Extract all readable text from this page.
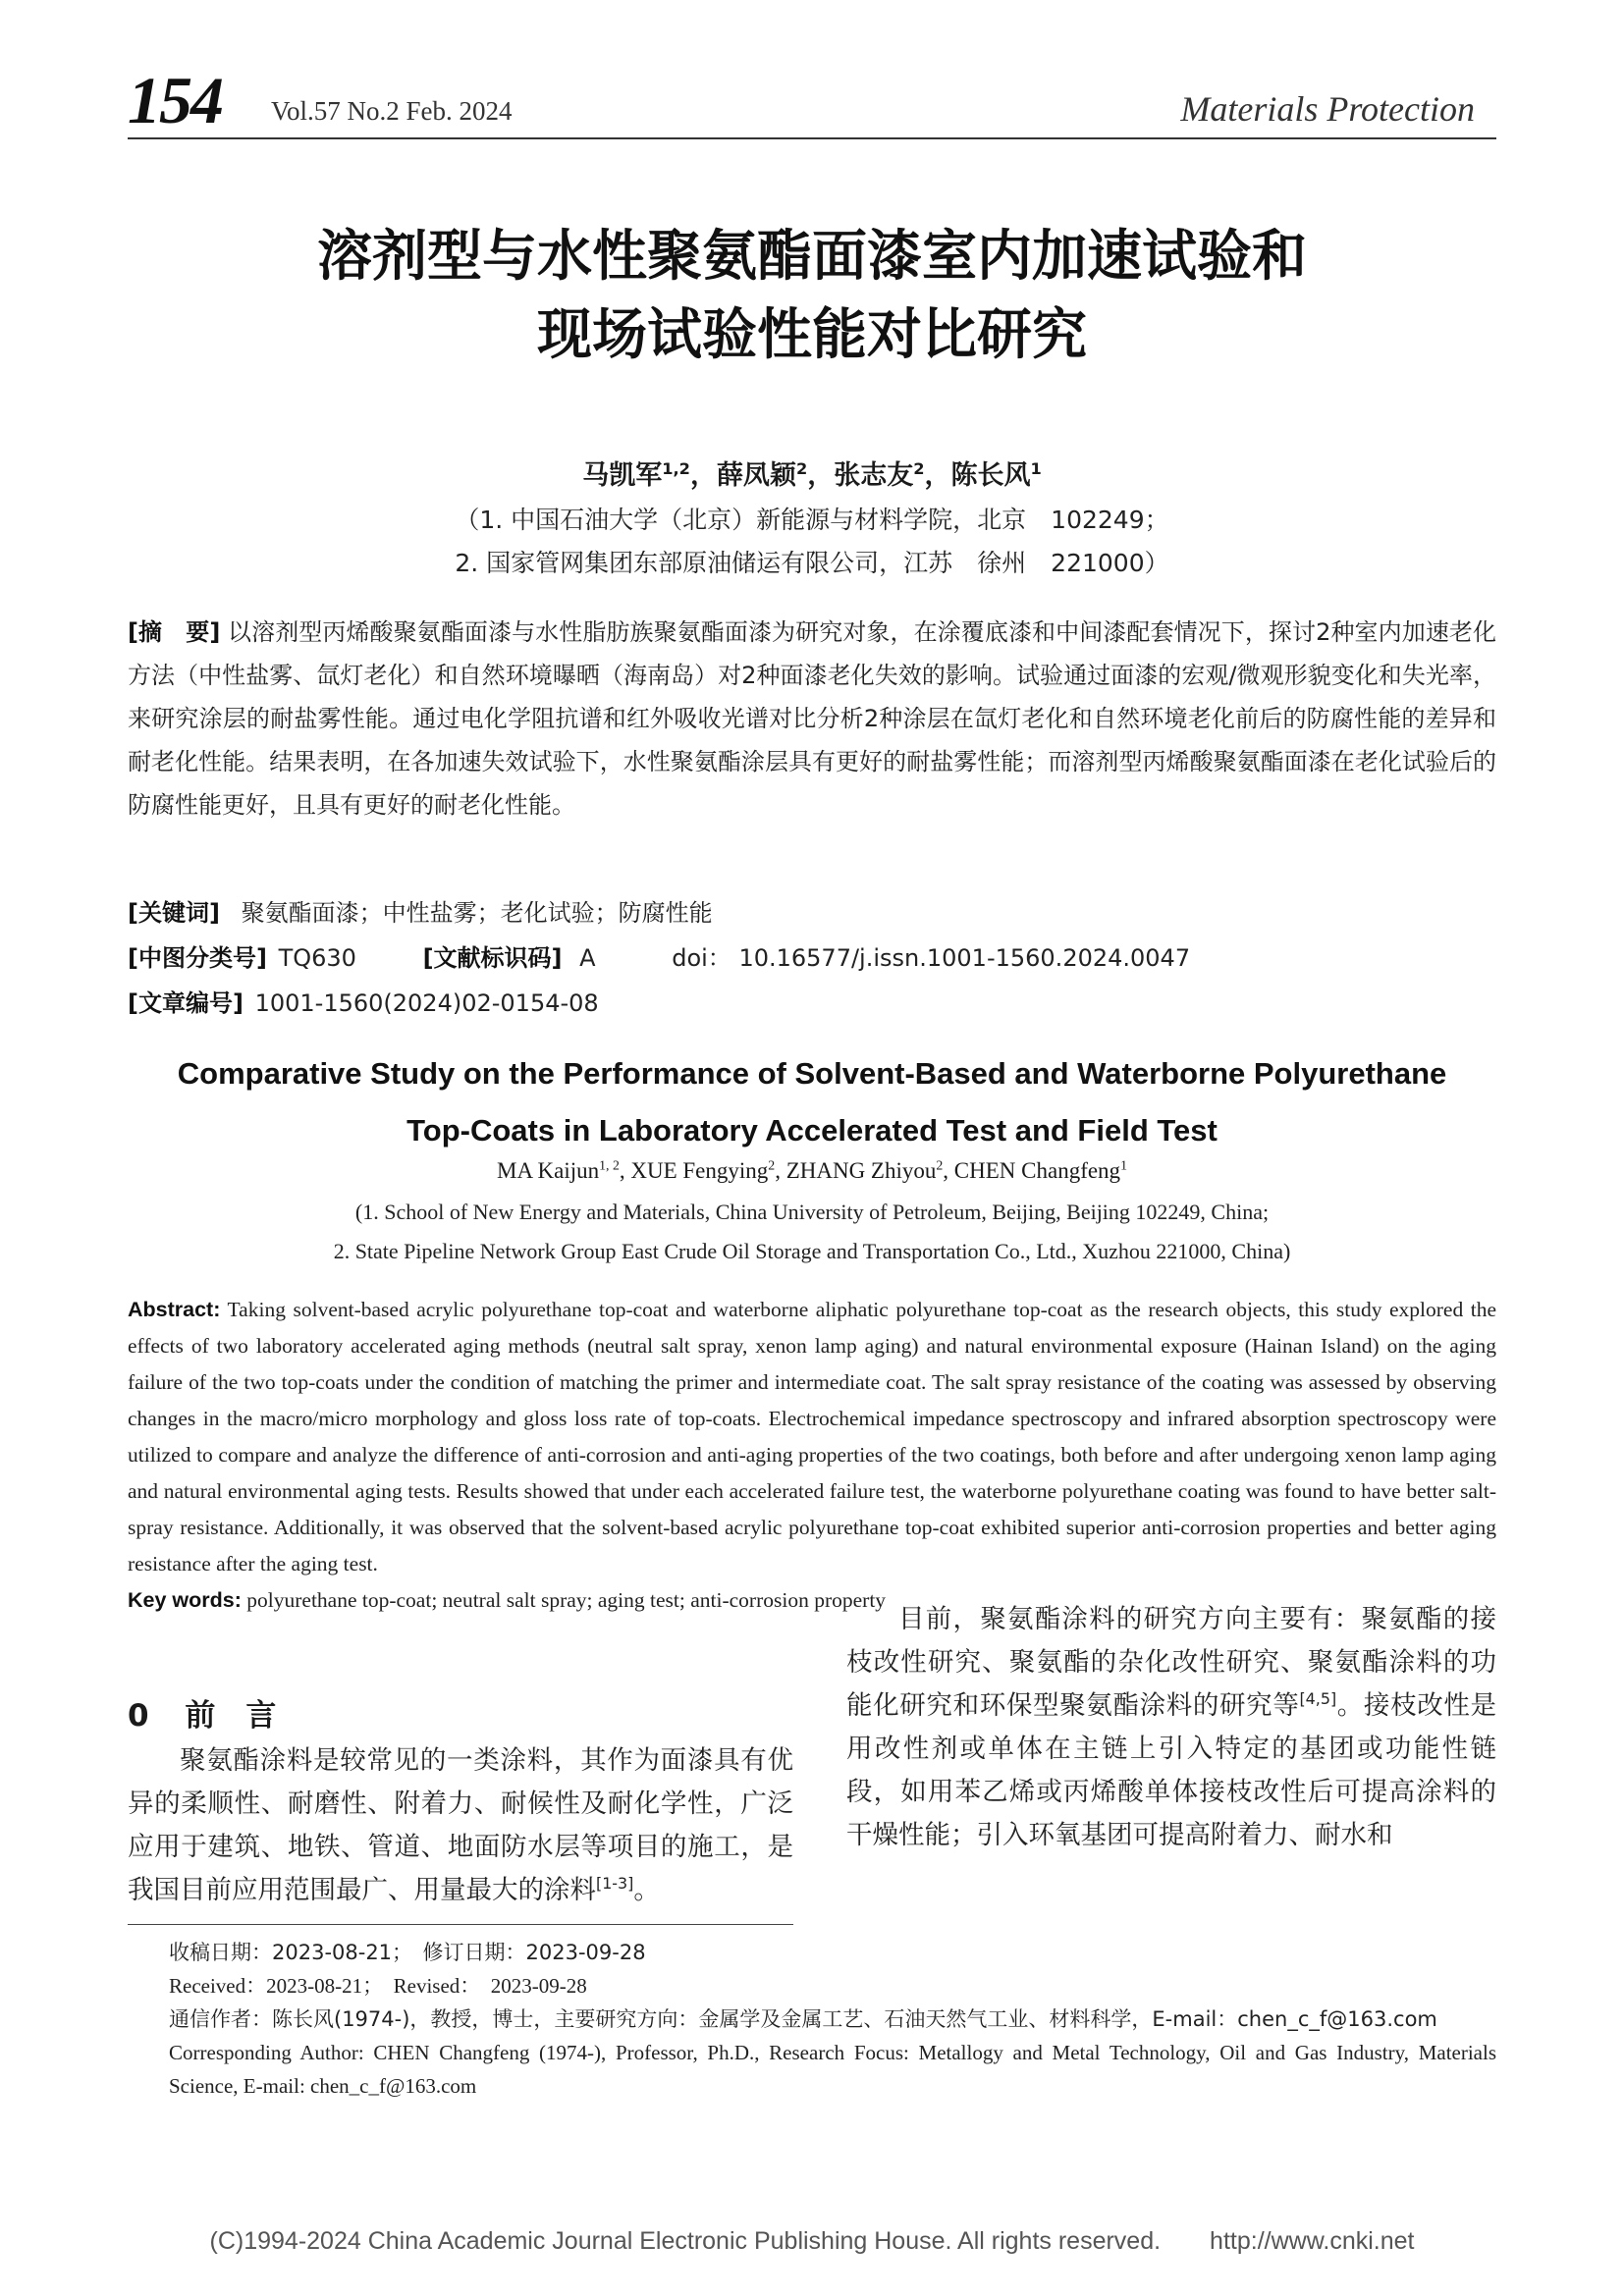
154 Vol.57 No.2 Feb. 2024	Materials Protection
溶剂型与水性聚氨酯面漆室内加速试验和
现场试验性能对比研究
马凯军$^{1,2}$，薛凤颖$^2$，张志友$^2$，陈长风$^1$
（1. 中国石油大学（北京）新能源与材料学院，北京　102249；
2. 国家管网集团东部原油储运有限公司，江苏　徐州　221000）
[摘　要] 以溶剂型丙烯酸聚氨酯面漆与水性脂肪族聚氨酯面漆为研究对象，在涂覆底漆和中间漆配套情况下，探讨2种室内加速老化方法（中性盐雾、氙灯老化）和自然环境曝晒（海南岛）对2种面漆老化失效的影响。试验通过面漆的宏观/微观形貌变化和失光率，来研究涂层的耐盐雾性能。通过电化学阻抗谱和红外吸收光谱对比分析2种涂层在氙灯老化和自然环境老化前后的防腐性能的差异和耐老化性能。结果表明，在各加速失效试验下，水性聚氨酯涂层具有更好的耐盐雾性能；而溶剂型丙烯酸聚氨酯面漆在老化试验后的防腐性能更好，且具有更好的耐老化性能。
[关键词] 聚氨酯面漆；中性盐雾；老化试验；防腐性能
[中图分类号] TQ630	[文献标识码] A	doi： 10.16577/j.issn.1001-1560.2024.0047
[文章编号] 1001-1560(2024)02-0154-08
Comparative Study on the Performance of Solvent-Based and Waterborne Polyurethane
Top-Coats in Laboratory Accelerated Test and Field Test
MA Kaijun$^{1, 2}$, XUE Fengying$^2$, ZHANG Zhiyou$^2$, CHEN Changfeng$^1$
(1. School of New Energy and Materials, China University of Petroleum, Beijing, Beijing 102249, China;
2. State Pipeline Network Group East Crude Oil Storage and Transportation Co., Ltd., Xuzhou 221000, China)
Abstract: Taking solvent-based acrylic polyurethane top-coat and waterborne aliphatic polyurethane top-coat as the research objects, this study explored the effects of two laboratory accelerated aging methods (neutral salt spray, xenon lamp aging) and natural environmental exposure (Hainan Island) on the aging failure of the two top-coats under the condition of matching the primer and intermediate coat. The salt spray resistance of the coating was assessed by observing changes in the macro/micro morphology and gloss loss rate of top-coats. Electrochemical impedance spectroscopy and infrared absorption spectroscopy were utilized to compare and analyze the difference of anti-corrosion and anti-aging properties of the two coatings, both before and after undergoing xenon lamp aging and natural environmental aging tests. Results showed that under each accelerated failure test, the waterborne polyurethane coating was found to have better salt-spray resistance. Additionally, it was observed that the solvent-based acrylic polyurethane top-coat exhibited superior anti-corrosion properties and better aging resistance after the aging test.
Key words: polyurethane top-coat; neutral salt spray; aging test; anti-corrosion property
0 前　言
聚氨酯涂料是较常见的一类涂料，其作为面漆具有优异的柔顺性、耐磨性、附着力、耐候性及耐化学性，广泛应用于建筑、地铁、管道、地面防水层等项目的施工，是我国目前应用范围最广、用量最大的涂料[1-3]。
目前，聚氨酯涂料的研究方向主要有：聚氨酯的接枝改性研究、聚氨酯的杂化改性研究、聚氨酯涂料的功能化研究和环保型聚氨酯涂料的研究等[4,5]。接枝改性是用改性剂或单体在主链上引入特定的基团或功能性链段，如用苯乙烯或丙烯酸单体接枝改性后可提高涂料的干燥性能；引入环氧基团可提高附着力、耐水和
收稿日期：2023-08-21；　修订日期：2023-09-28
Received：2023-08-21；　Revised：　2023-09-28
通信作者：陈长风(1974-)，教授，博士，主要研究方向：金属学及金属工艺、石油天然气工业、材料科学，E-mail：chen_c_f@163.com
Corresponding Author: CHEN Changfeng (1974-), Professor, Ph.D., Research Focus: Metallogy and Metal Technology, Oil and Gas Industry, Materials Science, E-mail: chen_c_f@163.com
(C)1994-2024 China Academic Journal Electronic Publishing House. All rights reserved.　　http://www.cnki.net
